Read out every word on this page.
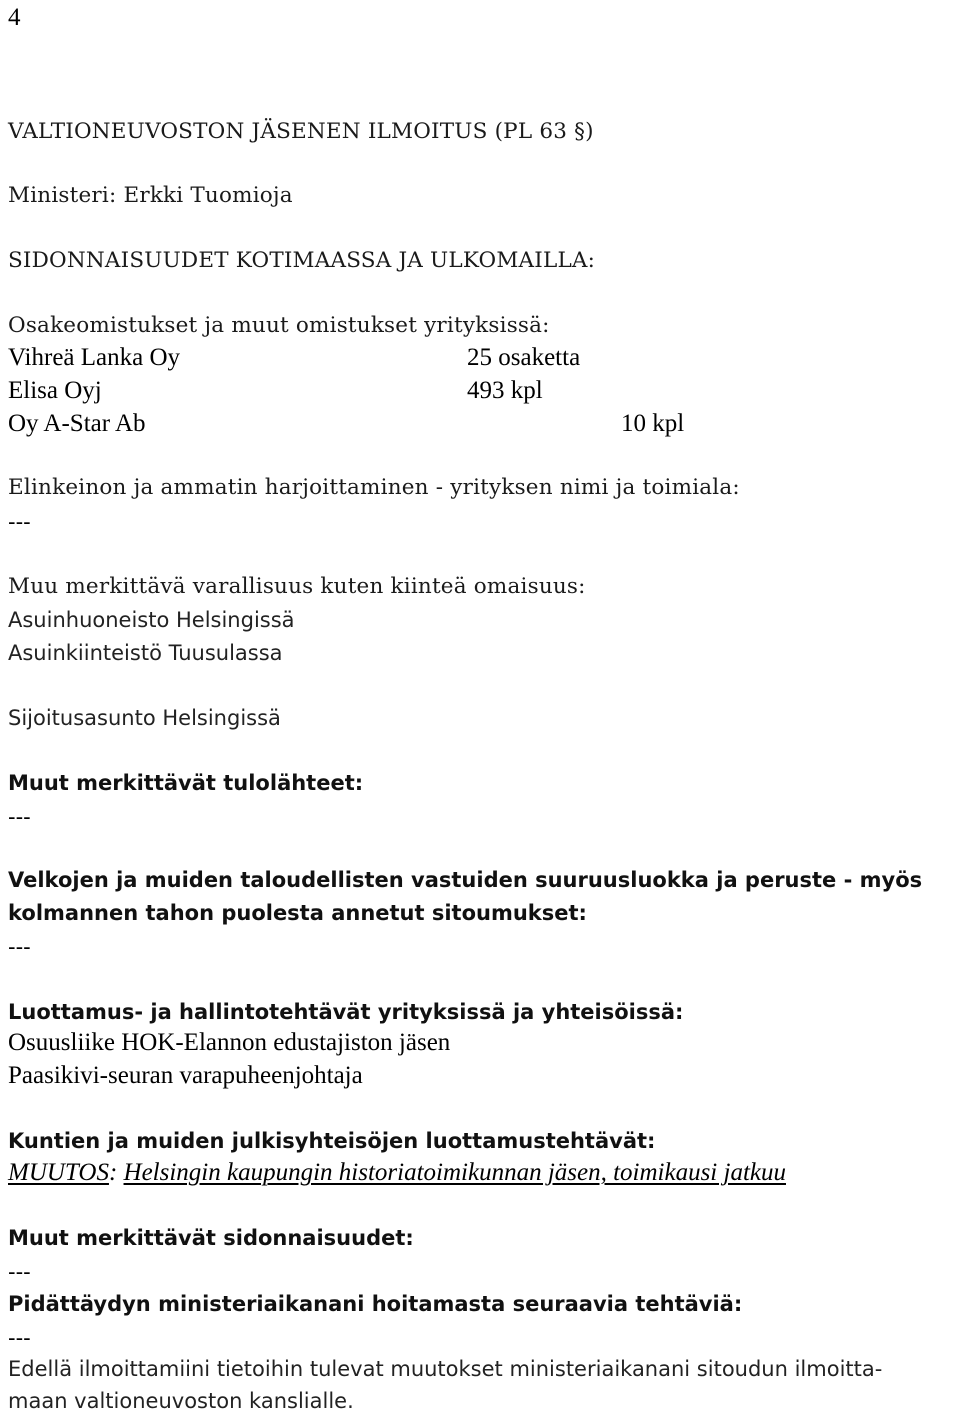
4
VALTIONEUVOSTON JÄSENEN ILMOITUS (PL 63 §)
Ministeri: Erkki Tuomioja
SIDONNAISUUDET KOTIMAASSA JA ULKOMAILLA:
Osakeomistukset ja muut omistukset yrityksissä:
Vihreä Lanka Oy	25 osaketta
Elisa Oyj	493 kpl
Oy A-Star Ab	10 kpl
Elinkeinon ja ammatin harjoittaminen - yrityksen nimi ja toimiala:
---
Muu merkittävä varallisuus kuten kiinteä omaisuus:
Asuinhuoneisto Helsingissä
Asuinkiinteistö Tuusulassa
Sijoitusasunto Helsingissä
Muut merkittävät tulolähteet:
---
Velkojen ja muiden taloudellisten vastuiden suuruusluokka ja peruste - myös
kolmannen tahon puolesta annetut sitoumukset:
---
Luottamus- ja hallintotehtävät yrityksissä ja yhteisöissä:
Osuusliike HOK-Elannon edustajiston jäsen
Paasikivi-seuran varapuheenjohtaja
Kuntien ja muiden julkisyhteisöjen luottamustehtävät:
MUUTOS: Helsingin kaupungin historiatoimikunnan jäsen, toimikausi jatkuu
Muut merkittävät sidonnaisuudet:
---
Pidättäydyn ministeriaikanani hoitamasta seuraavia tehtäviä:
---
Edellä ilmoittamiini tietoihin tulevat muutokset ministeriaikanani sitoudun ilmoitta-
maan valtioneuvoston kanslialle.
